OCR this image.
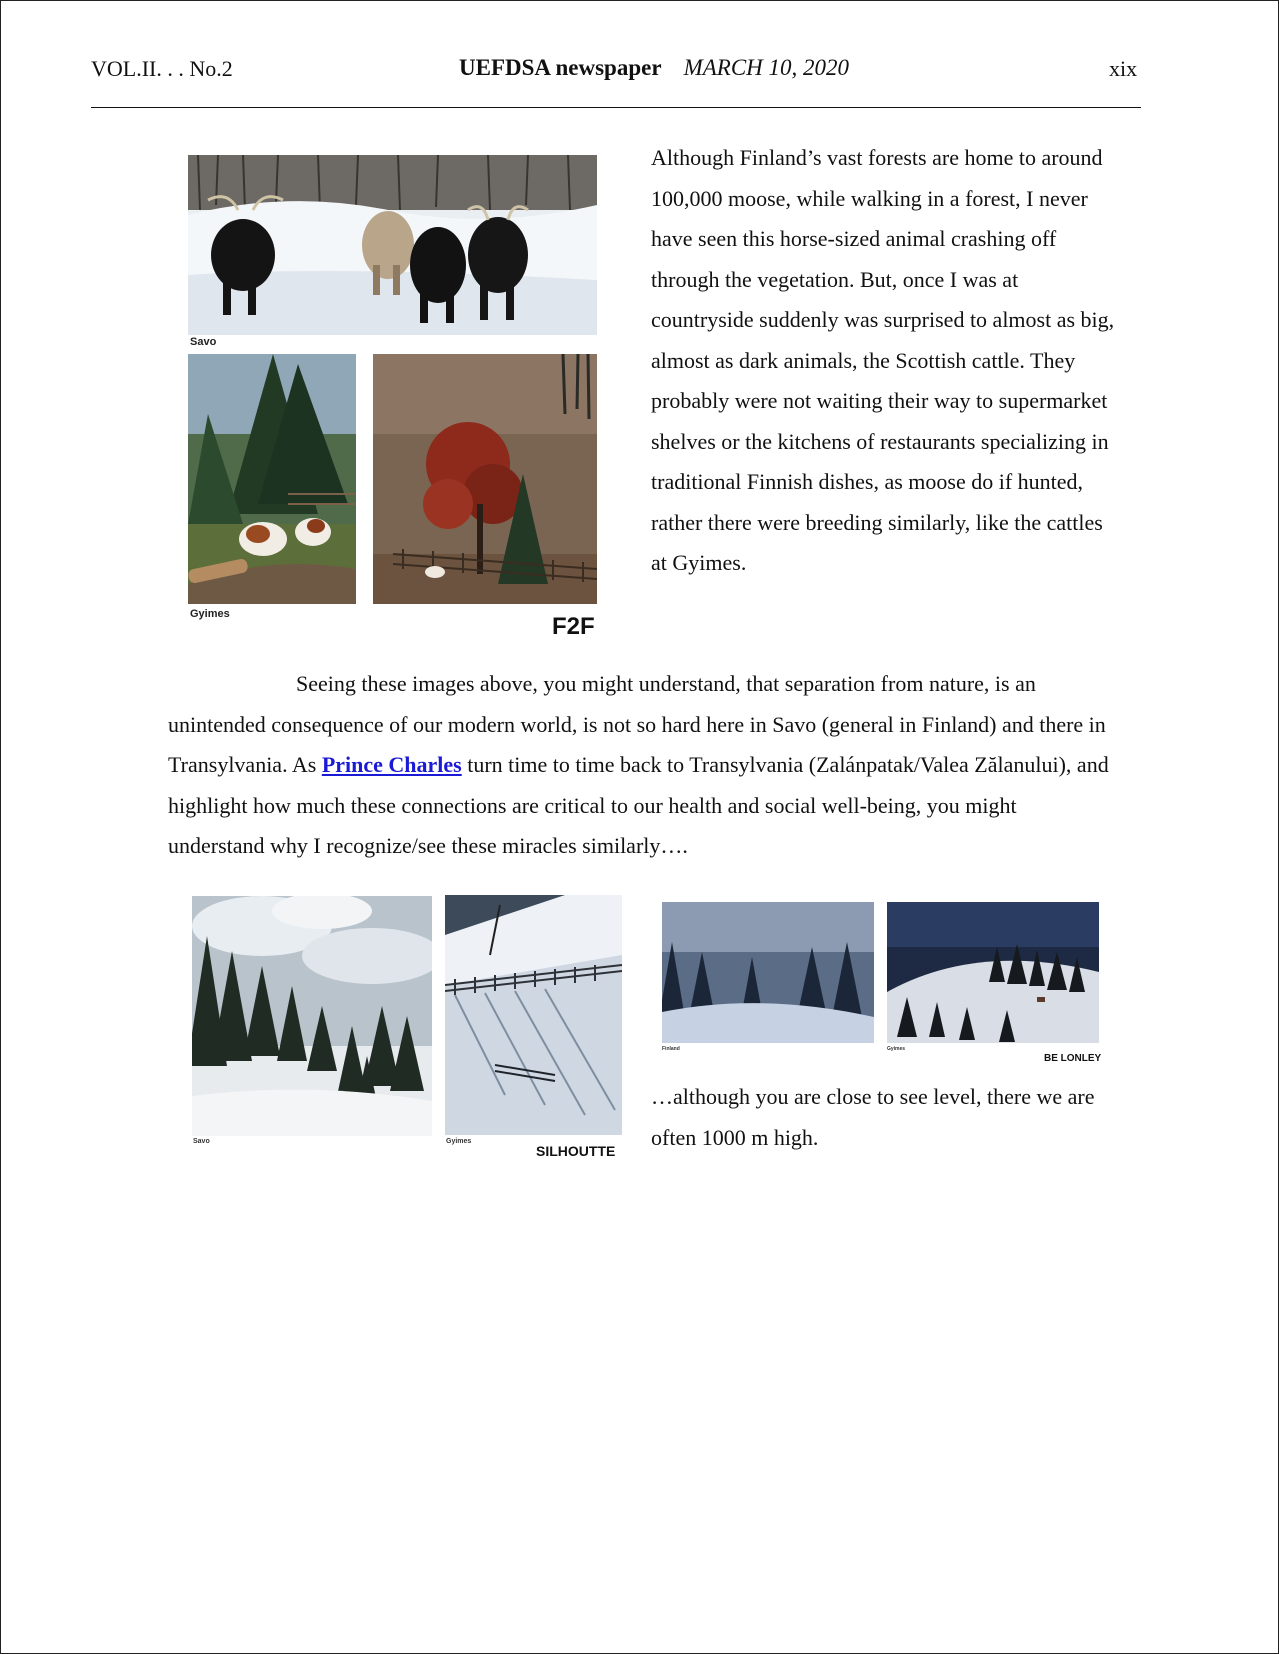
VOL.II. . . No.2	UEFDSA newspaper MARCH 10, 2020	xix
Savo
Gyimes	F2F
Although Finland’s vast forests are home to around 100,000 moose, while walking in a forest, I never have seen this horse-sized animal crashing off through the vegetation. But, once I was at countryside suddenly was surprised to almost as big, almost as dark animals, the Scottish cattle. They probably were not waiting their way to supermarket shelves or the kitchens of restaurants specializing in traditional Finnish dishes, as moose do if hunted, rather there were breeding similarly, like the cattles at Gyimes.
Seeing these images above, you might understand, that separation from nature, is an unintended consequence of our modern world, is not so hard here in Savo (general in Finland) and there in Transylvania. As Prince Charles turn time to time back to Transylvania (Zalánpatak/Valea Zălanului), and highlight how much these connections are critical to our health and social well-being, you might understand why I recognize/see these miracles similarly….
Savo	Gyimes
SILHOUTTE
Finland	Gyimes
BE LONLEY
…although you are close to see level, there we are often 1000 m high.
